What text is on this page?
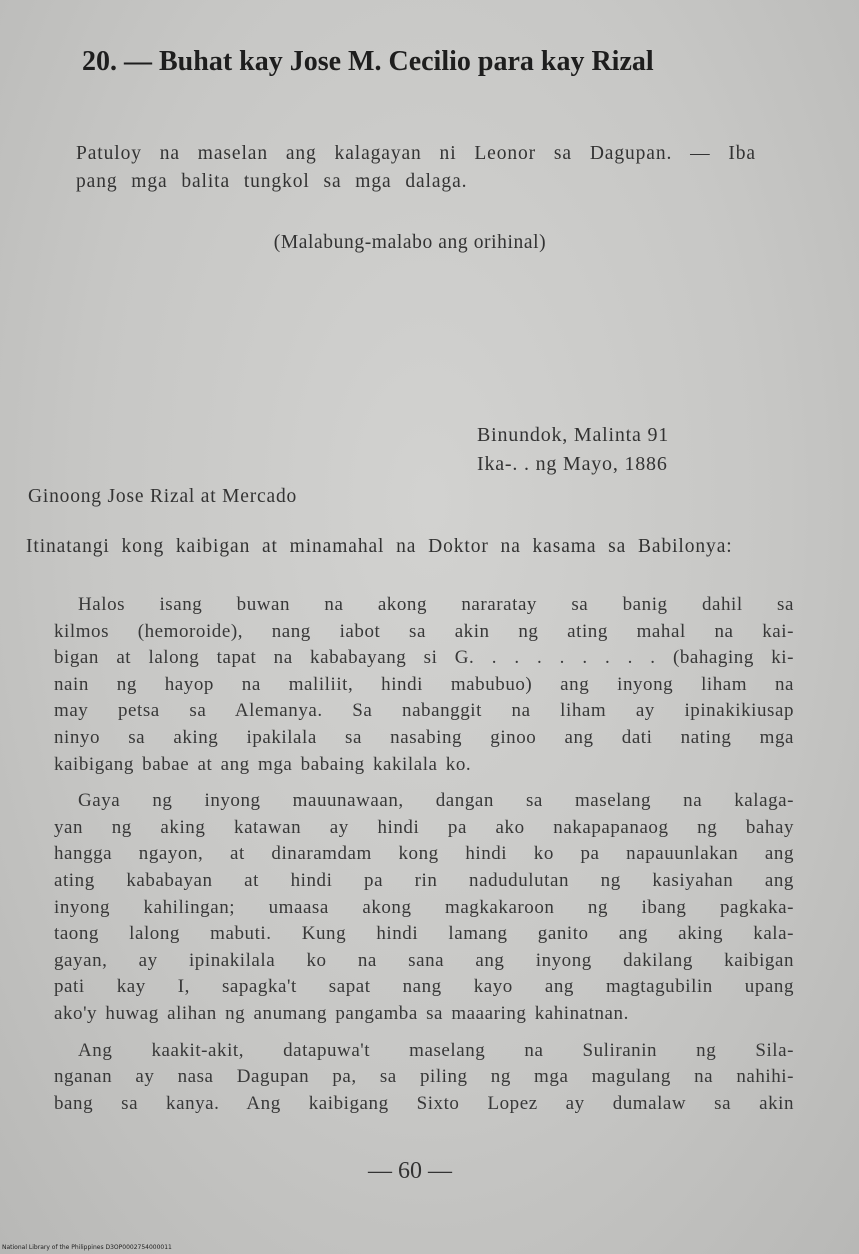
20. — Buhat kay Jose M. Cecilio para kay Rizal
Patuloy na maselan ang kalagayan ni Leonor sa Dagupan. — Iba pang mga balita tungkol sa mga dalaga.
(Malabung-malabo ang orihinal)
Binundok, Malinta 91
Ika-. . ng Mayo, 1886
Ginoong Jose Rizal at Mercado
Itinatangi kong kaibigan at minamahal na Doktor na kasama sa Babilonya:
Halos isang buwan na akong nararatay sa banig dahil sa
kilmos (hemoroide), nang iabot sa akin ng ating mahal na kai-
bigan at lalong tapat na kababayang si G. . . . . . . . . (bahaging ki-
nain ng hayop na maliliit, hindi mabubuo) ang inyong liham na
may petsa sa Alemanya. Sa nabanggit na liham ay ipinakikiusap
ninyo sa aking ipakilala sa nasabing ginoo ang dati nating mga
kaibigang babae at ang mga babaing kakilala ko.
Gaya ng inyong mauunawaan, dangan sa maselang na kalaga-
yan ng aking katawan ay hindi pa ako nakapapanaog ng bahay
hangga ngayon, at dinaramdam kong hindi ko pa napauunlakan ang
ating kababayan at hindi pa rin nadudulutan ng kasiyahan ang
inyong kahilingan; umaasa akong magkakaroon ng ibang pagkaka-
taong lalong mabuti. Kung hindi lamang ganito ang aking kala-
gayan, ay ipinakilala ko na sana ang inyong dakilang kaibigan
pati kay I, sapagka't sapat nang kayo ang magtagubilin upang
ako'y huwag alihan ng anumang pangamba sa maaaring kahinatnan.
Ang kaakit-akit, datapuwa't maselang na Suliranin ng Sila-
nganan ay nasa Dagupan pa, sa piling ng mga magulang na nahihi-
bang sa kanya. Ang kaibigang Sixto Lopez ay dumalaw sa akin
— 60 —
National Library of the Philippines D3OP0002754000011
